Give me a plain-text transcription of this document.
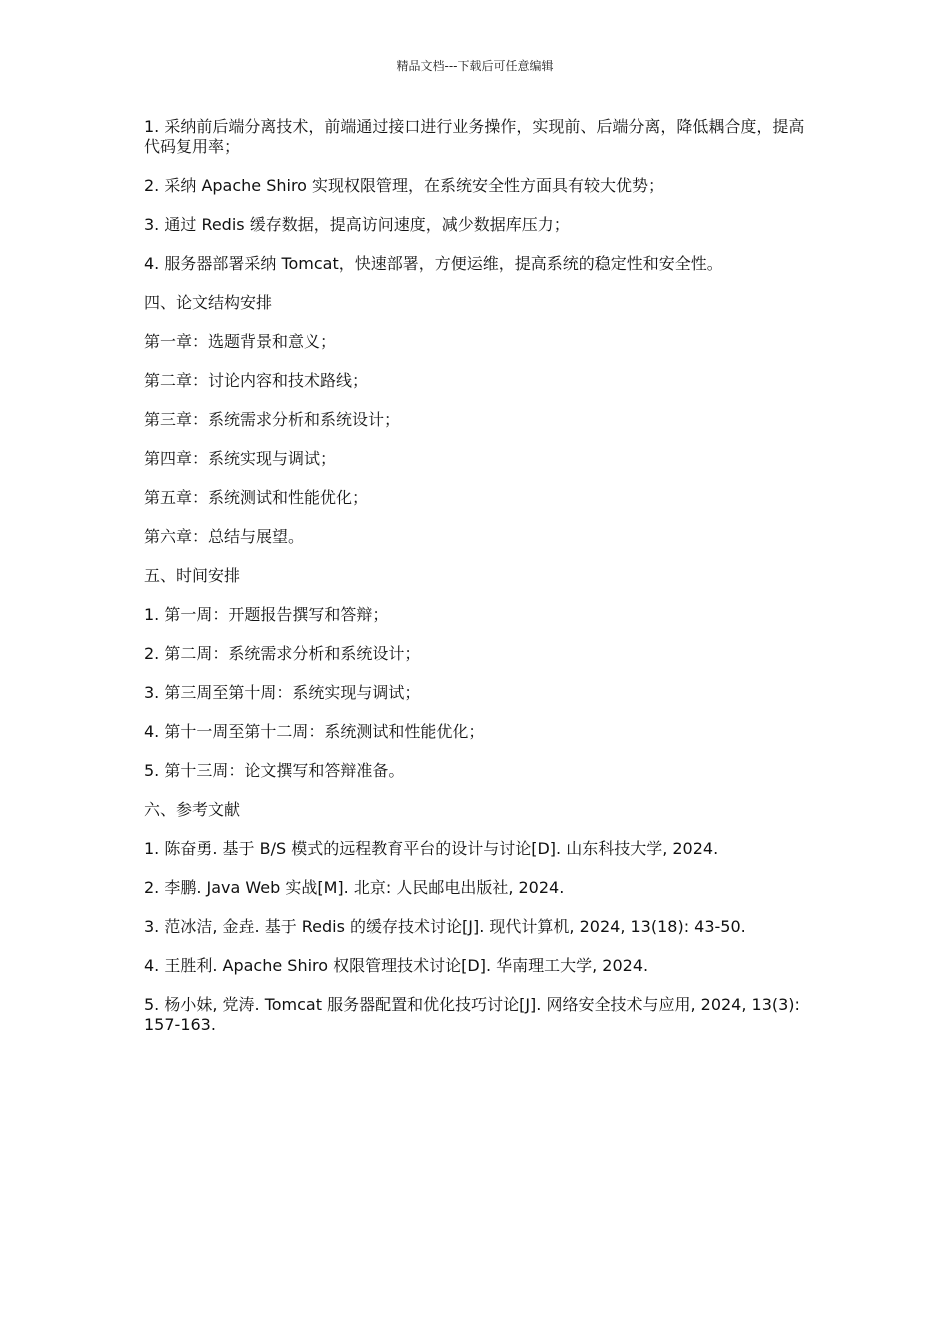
精品文档---下载后可任意编辑

1. 采纳前后端分离技术，前端通过接口进行业务操作，实现前、后端分离，降低耦合度，提高代码复用率；

2. 采纳 Apache Shiro 实现权限管理，在系统安全性方面具有较大优势；

3. 通过 Redis 缓存数据，提高访问速度，减少数据库压力；

4. 服务器部署采纳 Tomcat，快速部署，方便运维，提高系统的稳定性和安全性。

四、论文结构安排

第一章：选题背景和意义；

第二章：讨论内容和技术路线；

第三章：系统需求分析和系统设计；

第四章：系统实现与调试；

第五章：系统测试和性能优化；

第六章：总结与展望。

五、时间安排

1. 第一周：开题报告撰写和答辩；

2. 第二周：系统需求分析和系统设计；

3. 第三周至第十周：系统实现与调试；

4. 第十一周至第十二周：系统测试和性能优化；

5. 第十三周：论文撰写和答辩准备。

六、参考文献

1. 陈奋勇. 基于 B/S 模式的远程教育平台的设计与讨论[D]. 山东科技大学, 2024.

2. 李鹏. Java Web 实战[M]. 北京: 人民邮电出版社, 2024.

3. 范冰洁, 金垚. 基于 Redis 的缓存技术讨论[J]. 现代计算机, 2024, 13(18): 43-50.

4. 王胜利. Apache Shiro 权限管理技术讨论[D]. 华南理工大学, 2024.

5. 杨小妹, 党涛. Tomcat 服务器配置和优化技巧讨论[J]. 网络安全技术与应用, 2024, 13(3): 157-163.
